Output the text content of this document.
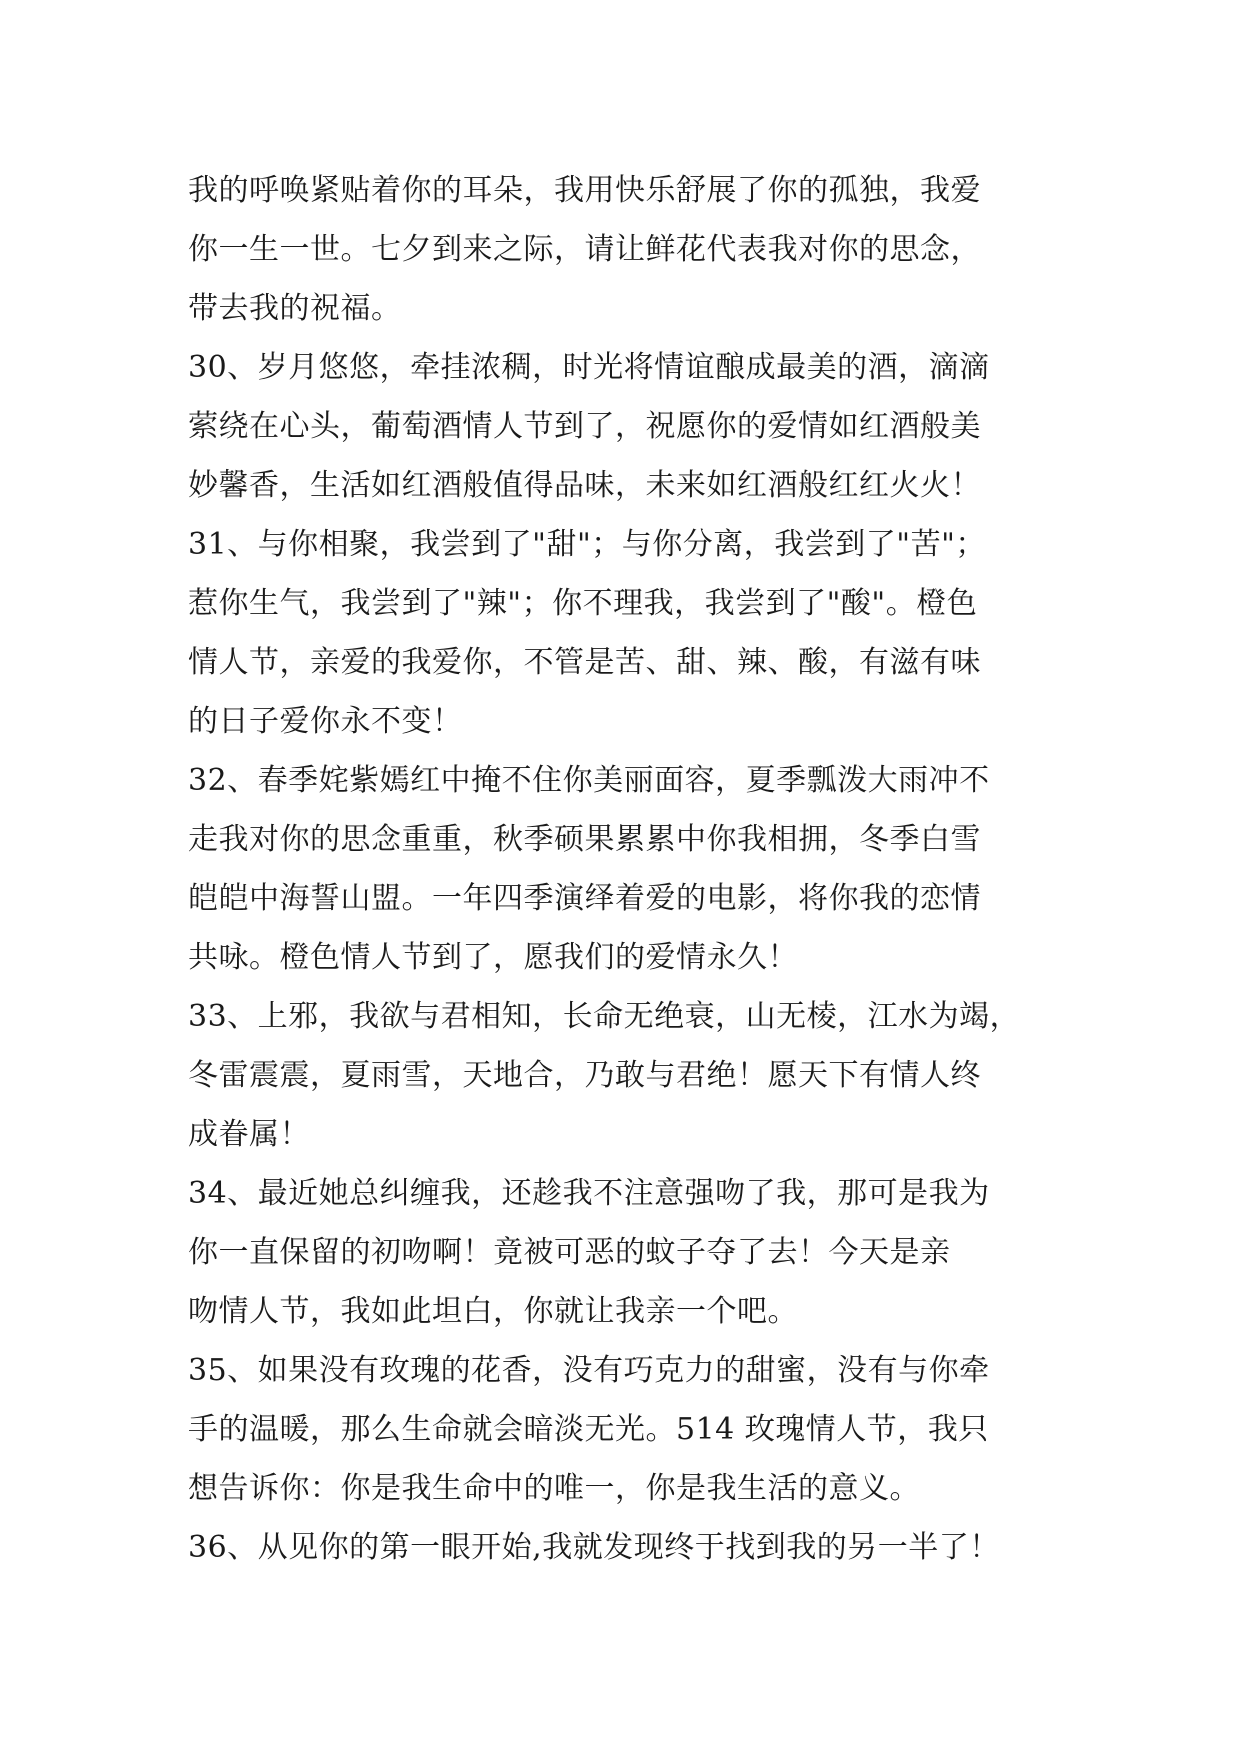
我的呼唤紧贴着你的耳朵，我用快乐舒展了你的孤独，我爱
你一生一世。七夕到来之际，请让鲜花代表我对你的思念，
带去我的祝福。
30、岁月悠悠，牵挂浓稠，时光将情谊酿成最美的酒，滴滴
萦绕在心头，葡萄酒情人节到了，祝愿你的爱情如红酒般美
妙馨香，生活如红酒般值得品味，未来如红酒般红红火火！
31、与你相聚，我尝到了"甜"；与你分离，我尝到了"苦"；
惹你生气，我尝到了"辣"；你不理我，我尝到了"酸"。橙色
情人节，亲爱的我爱你，不管是苦、甜、辣、酸，有滋有味
的日子爱你永不变！
32、春季姹紫嫣红中掩不住你美丽面容，夏季瓢泼大雨冲不
走我对你的思念重重，秋季硕果累累中你我相拥，冬季白雪
皑皑中海誓山盟。一年四季演绎着爱的电影，将你我的恋情
共咏。橙色情人节到了，愿我们的爱情永久！
33、上邪，我欲与君相知，长命无绝衰，山无棱，江水为竭，
冬雷震震，夏雨雪，天地合，乃敢与君绝！愿天下有情人终
成眷属！
34、最近她总纠缠我，还趁我不注意强吻了我，那可是我为
你一直保留的初吻啊！竟被可恶的蚊子夺了去！今天是亲
吻情人节，我如此坦白，你就让我亲一个吧。
35、如果没有玫瑰的花香，没有巧克力的甜蜜，没有与你牵
手的温暖，那么生命就会暗淡无光。514 玫瑰情人节，我只
想告诉你：你是我生命中的唯一，你是我生活的意义。
36、从见你的第一眼开始,我就发现终于找到我的另一半了！
